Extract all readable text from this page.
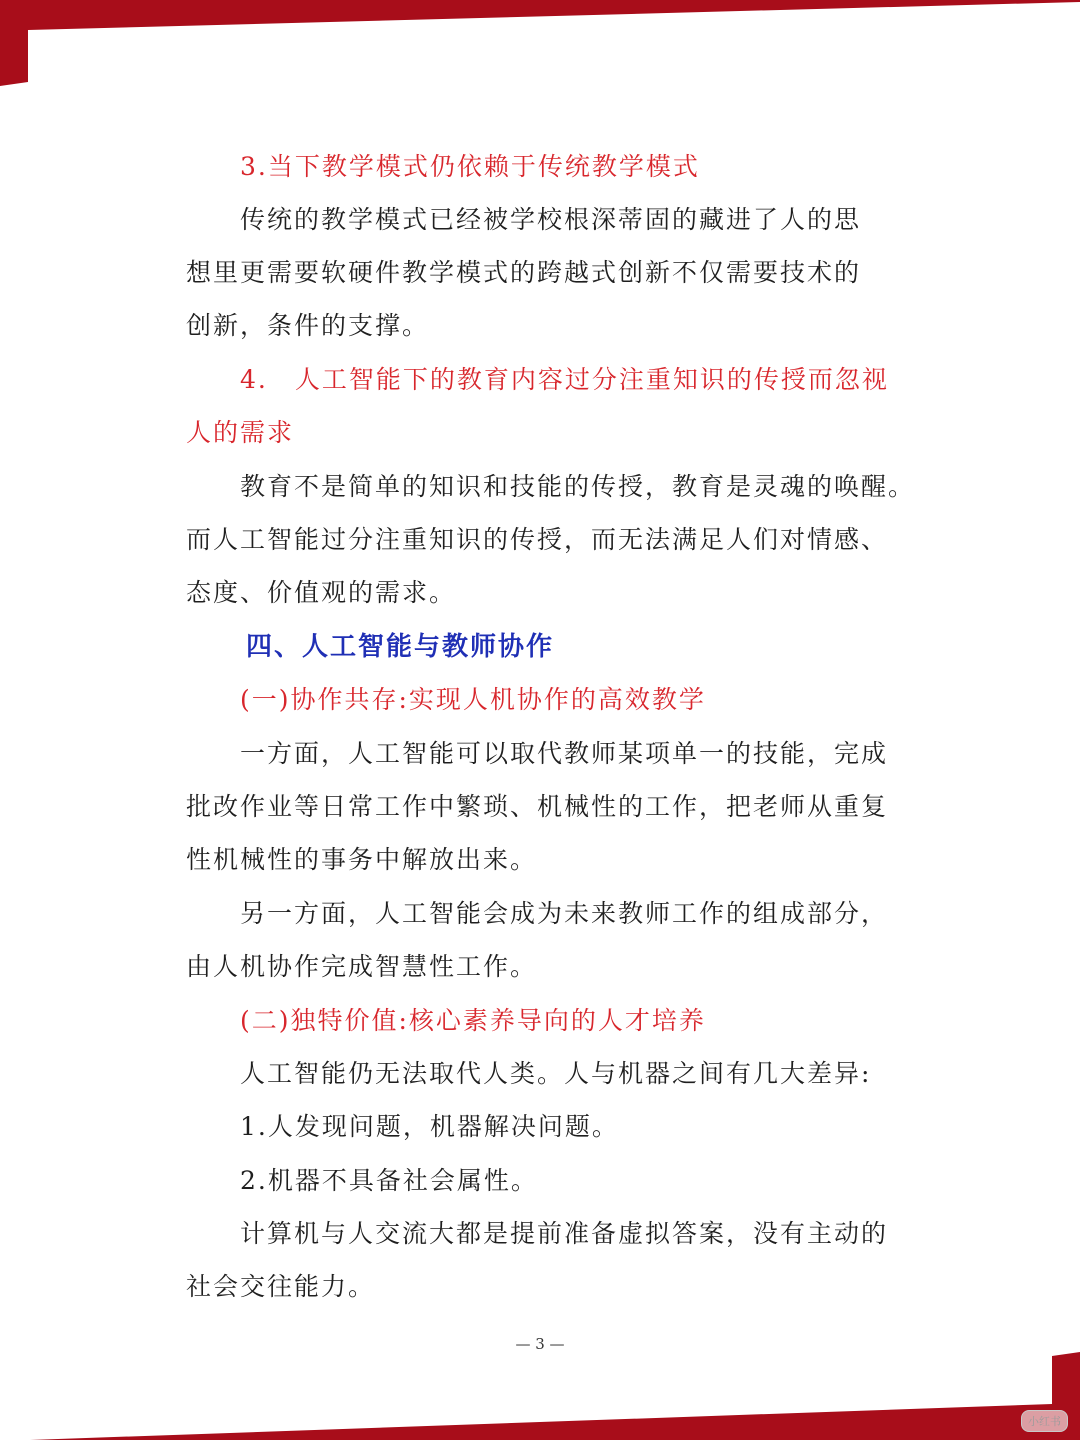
3.当下教学模式仍依赖于传统教学模式
传统的教学模式已经被学校根深蒂固的藏进了人的思
想里更需要软硬件教学模式的跨越式创新不仅需要技术的
创新，条件的支撑。
4.　人工智能下的教育内容过分注重知识的传授而忽视
人的需求
教育不是简单的知识和技能的传授，教育是灵魂的唤醒。
而人工智能过分注重知识的传授，而无法满足人们对情感、
态度、价值观的需求。
四、人工智能与教师协作
(一)协作共存:实现人机协作的高效教学
一方面，人工智能可以取代教师某项单一的技能，完成
批改作业等日常工作中繁琐、机械性的工作，把老师从重复
性机械性的事务中解放出来。
另一方面，人工智能会成为未来教师工作的组成部分，
由人机协作完成智慧性工作。
(二)独特价值:核心素养导向的人才培养
人工智能仍无法取代人类。人与机器之间有几大差异:
1.人发现问题，机器解决问题。
2.机器不具备社会属性。
计算机与人交流大都是提前准备虚拟答案，没有主动的
社会交往能力。
— 3 —
小红书
